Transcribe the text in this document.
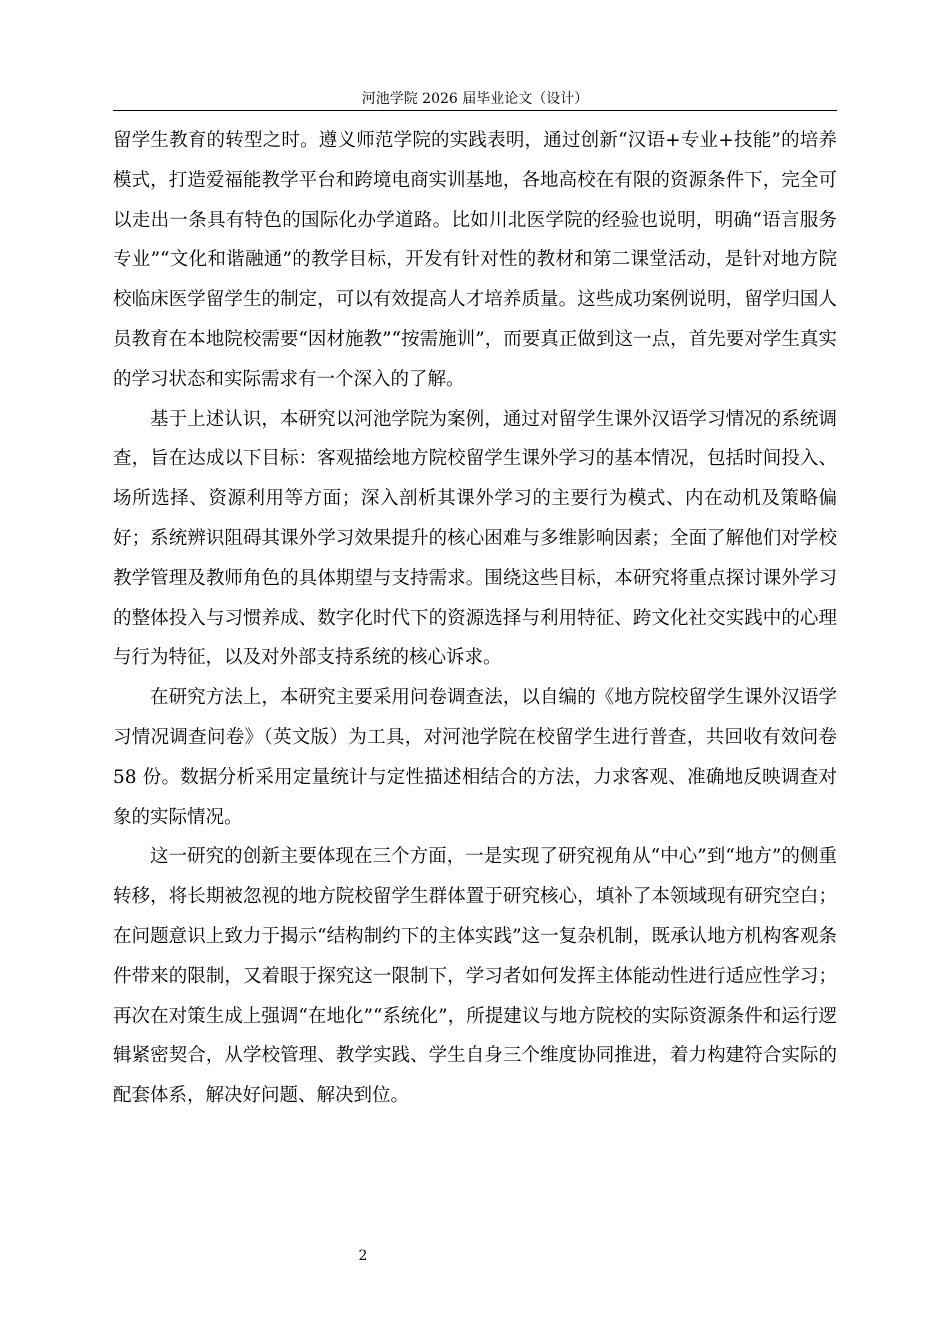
河池学院 2026 届毕业论文（设计）

留学生教育的转型之时。遵义师范学院的实践表明，通过创新“汉语+专业+技能”的培养模式，打造爱福能教学平台和跨境电商实训基地，各地高校在有限的资源条件下，完全可以走出一条具有特色的国际化办学道路。比如川北医学院的经验也说明，明确“语言服务专业”“文化和谐融通”的教学目标，开发有针对性的教材和第二课堂活动，是针对地方院校临床医学留学生的制定，可以有效提高人才培养质量。这些成功案例说明，留学归国人员教育在本地院校需要“因材施教”“按需施训”，而要真正做到这一点，首先要对学生真实的学习状态和实际需求有一个深入的了解。

基于上述认识，本研究以河池学院为案例，通过对留学生课外汉语学习情况的系统调查，旨在达成以下目标：客观描绘地方院校留学生课外学习的基本情况，包括时间投入、场所选择、资源利用等方面；深入剖析其课外学习的主要行为模式、内在动机及策略偏好；系统辨识阻碍其课外学习效果提升的核心困难与多维影响因素；全面了解他们对学校教学管理及教师角色的具体期望与支持需求。围绕这些目标，本研究将重点探讨课外学习的整体投入与习惯养成、数字化时代下的资源选择与利用特征、跨文化社交实践中的心理与行为特征，以及对外部支持系统的核心诉求。

在研究方法上，本研究主要采用问卷调查法，以自编的《地方院校留学生课外汉语学习情况调查问卷》（英文版）为工具，对河池学院在校留学生进行普查，共回收有效问卷 58 份。数据分析采用定量统计与定性描述相结合的方法，力求客观、准确地反映调查对象的实际情况。

这一研究的创新主要体现在三个方面，一是实现了研究视角从“中心”到“地方”的侧重转移，将长期被忽视的地方院校留学生群体置于研究核心，填补了本领域现有研究空白；在问题意识上致力于揭示“结构制约下的主体实践”这一复杂机制，既承认地方机构客观条件带来的限制，又着眼于探究这一限制下，学习者如何发挥主体能动性进行适应性学习；再次在对策生成上强调“在地化”“系统化”，所提建议与地方院校的实际资源条件和运行逻辑紧密契合，从学校管理、教学实践、学生自身三个维度协同推进，着力构建符合实际的配套体系，解决好问题、解决到位。

2
